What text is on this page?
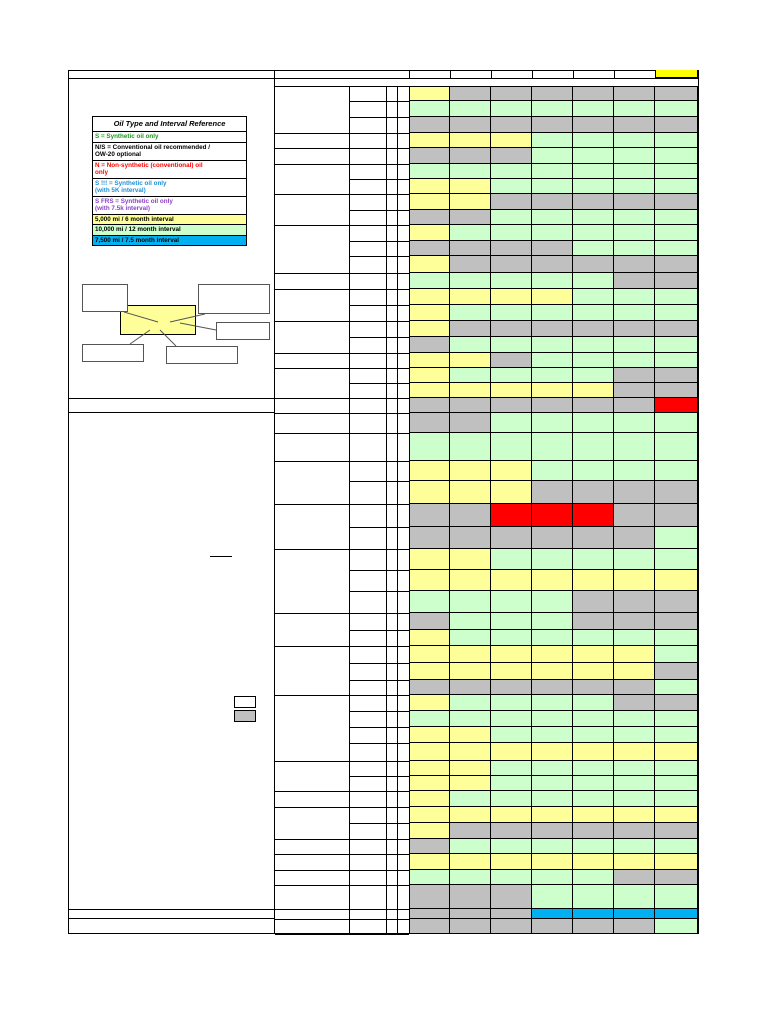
Oil Type and Interval Reference
S = Synthetic oil only
N/S = Conventional oil recommended /
OW-20 optional
N = Non-synthetic (conventional) oil
only
S !!! = Synthetic oil only
(with 5K interval)
S FRS = Synthetic oil only
(with 7.5k interval)
5,000 mi / 6 month interval
10,000 mi / 12 month interval
7,500 mi / 7.5 month interval
